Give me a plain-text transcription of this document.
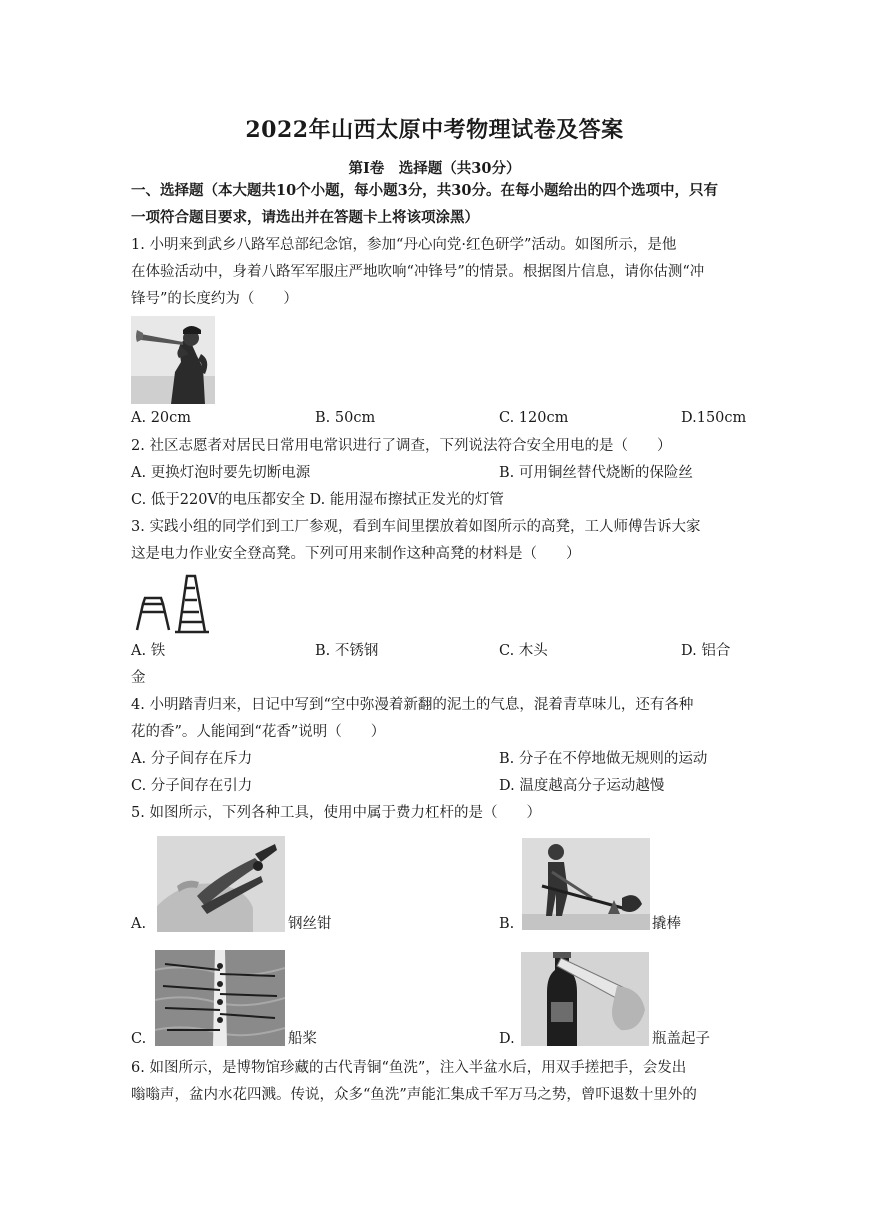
2022年山西太原中考物理试卷及答案
第Ⅰ卷　选择题（共30分）
一、选择题（本大题共10个小题，每小题3分，共30分。在每小题给出的四个选项中，只有
一项符合题目要求，请选出并在答题卡上将该项涂黑）
1. 小明来到武乡八路军总部纪念馆，参加“丹心向党·红色研学”活动。如图所示，是他
在体验活动中，身着八路军军服庄严地吹响“冲锋号”的情景。根据图片信息，请你估测“冲
锋号”的长度约为（　　）
A. 20cm	B. 50cm	C. 120cm	D.150cm
2. 社区志愿者对居民日常用电常识进行了调查，下列说法符合安全用电的是（　　）
A. 更换灯泡时要先切断电源	B. 可用铜丝替代烧断的保险丝
C. 低于220V的电压都安全 D. 能用湿布擦拭正发光的灯管
3. 实践小组的同学们到工厂参观，看到车间里摆放着如图所示的高凳，工人师傅告诉大家
这是电力作业安全登高凳。下列可用来制作这种高凳的材料是（　　）
A. 铁	B. 不锈钢	C. 木头	D. 铝合
金
4. 小明踏青归来，日记中写到“空中弥漫着新翻的泥土的气息，混着青草味儿，还有各种
花的香”。人能闻到“花香”说明（　　）
A. 分子间存在斥力	B. 分子在不停地做无规则的运动
C. 分子间存在引力	D. 温度越高分子运动越慢
5. 如图所示，下列各种工具，使用中属于费力杠杆的是（　　）
A.	钢丝钳	B.	撬棒
C.	船桨	D.	瓶盖起子
6. 如图所示，是博物馆珍藏的古代青铜“鱼洗”，注入半盆水后，用双手搓把手，会发出
嗡嗡声，盆内水花四溅。传说，众多“鱼洗”声能汇集成千军万马之势，曾吓退数十里外的
